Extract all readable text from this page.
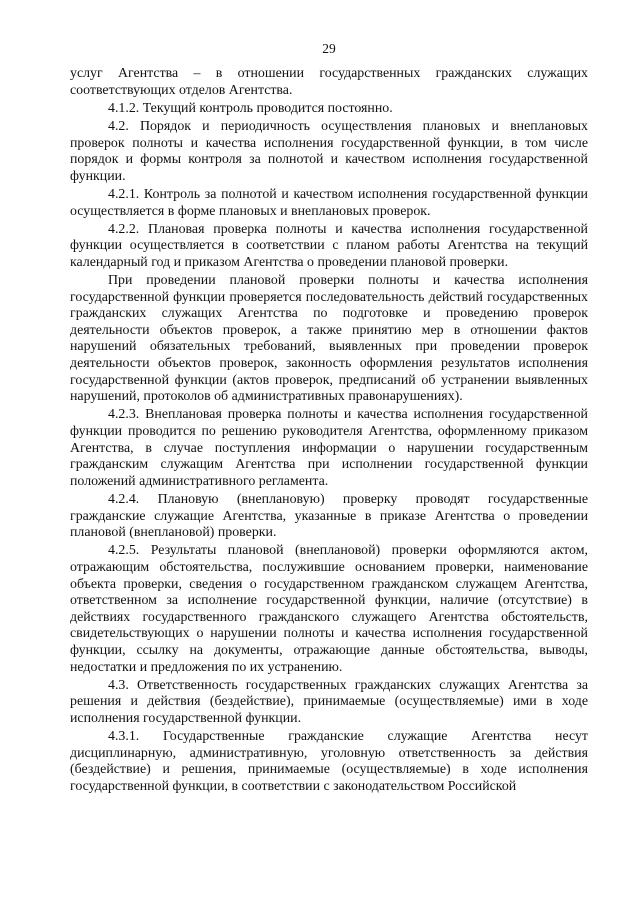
29

услуг Агентства – в отношении государственных гражданских служащих соответствующих отделов Агентства.

4.1.2. Текущий контроль проводится постоянно.

4.2. Порядок и периодичность осуществления плановых и внеплановых проверок полноты и качества исполнения государственной функции, в том числе порядок и формы контроля за полнотой и качеством исполнения государственной функции.

4.2.1. Контроль за полнотой и качеством исполнения государственной функции осуществляется в форме плановых и внеплановых проверок.

4.2.2. Плановая проверка полноты и качества исполнения государственной функции осуществляется в соответствии с планом работы Агентства на текущий календарный год и приказом Агентства о проведении плановой проверки.

При проведении плановой проверки полноты и качества исполнения государственной функции проверяется последовательность действий государственных гражданских служащих Агентства по подготовке и проведению проверок деятельности объектов проверок, а также принятию мер в отношении фактов нарушений обязательных требований, выявленных при проведении проверок деятельности объектов проверок, законность оформления результатов исполнения государственной функции (актов проверок, предписаний об устранении выявленных нарушений, протоколов об административных правонарушениях).

4.2.3. Внеплановая проверка полноты и качества исполнения государственной функции проводится по решению руководителя Агентства, оформленному приказом Агентства, в случае поступления информации о нарушении государственным гражданским служащим Агентства при исполнении государственной функции положений административного регламента.

4.2.4. Плановую (внеплановую) проверку проводят государственные гражданские служащие Агентства, указанные в приказе Агентства о проведении плановой (внеплановой) проверки.

4.2.5. Результаты плановой (внеплановой) проверки оформляются актом, отражающим обстоятельства, послужившие основанием проверки, наименование объекта проверки, сведения о государственном гражданском служащем Агентства, ответственном за исполнение государственной функции, наличие (отсутствие) в действиях государственного гражданского служащего Агентства обстоятельств, свидетельствующих о нарушении полноты и качества исполнения государственной функции, ссылку на документы, отражающие данные обстоятельства, выводы, недостатки и предложения по их устранению.

4.3. Ответственность государственных гражданских служащих Агентства за решения и действия (бездействие), принимаемые (осуществляемые) ими в ходе исполнения государственной функции.

4.3.1. Государственные гражданские служащие Агентства несут дисциплинарную, административную, уголовную ответственность за действия (бездействие) и решения, принимаемые (осуществляемые) в ходе исполнения государственной функции, в соответствии с законодательством Российской
